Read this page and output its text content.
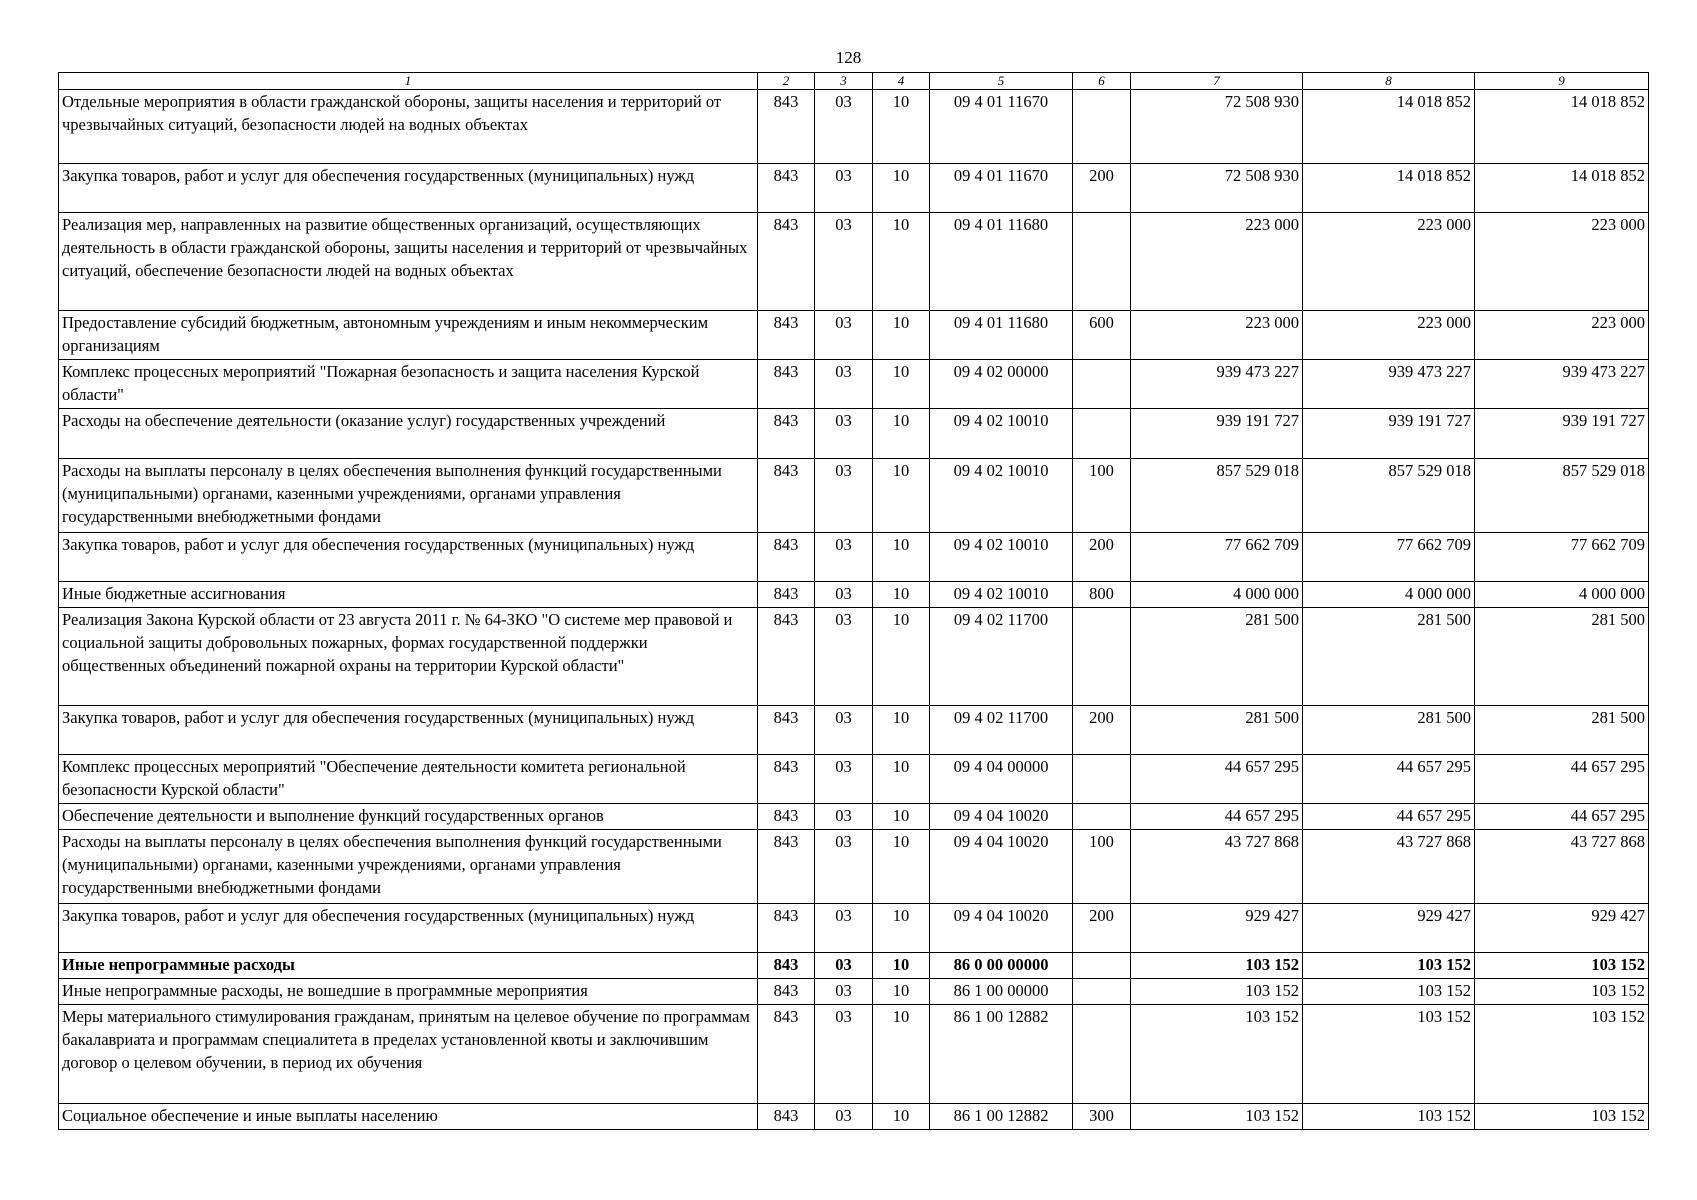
128
1	2	3	4	5	6	7	8	9
Отдельные мероприятия в области гражданской обороны, защиты населения и территорий от чрезвычайных ситуаций, безопасности людей на водных объектах	843	03	10	09 4 01 11670		72 508 930	14 018 852	14 018 852
Закупка товаров, работ и услуг для обеспечения государственных (муниципальных) нужд	843	03	10	09 4 01 11670	200	72 508 930	14 018 852	14 018 852
Реализация мер, направленных на развитие общественных организаций, осуществляющих деятельность в области гражданской обороны, защиты населения и территорий от чрезвычайных ситуаций, обеспечение безопасности людей на водных объектах	843	03	10	09 4 01 11680		223 000	223 000	223 000
Предоставление субсидий бюджетным, автономным учреждениям и иным некоммерческим организациям	843	03	10	09 4 01 11680	600	223 000	223 000	223 000
Комплекс процессных мероприятий "Пожарная безопасность и защита населения Курской области"	843	03	10	09 4 02 00000		939 473 227	939 473 227	939 473 227
Расходы на обеспечение деятельности (оказание услуг) государственных учреждений	843	03	10	09 4 02 10010		939 191 727	939 191 727	939 191 727
Расходы на выплаты персоналу в целях обеспечения выполнения функций государственными (муниципальными) органами, казенными учреждениями, органами управления государственными внебюджетными фондами	843	03	10	09 4 02 10010	100	857 529 018	857 529 018	857 529 018
Закупка товаров, работ и услуг для обеспечения государственных (муниципальных) нужд	843	03	10	09 4 02 10010	200	77 662 709	77 662 709	77 662 709
Иные бюджетные ассигнования	843	03	10	09 4 02 10010	800	4 000 000	4 000 000	4 000 000
Реализация Закона Курской области от 23 августа 2011 г. № 64-ЗКО "О системе мер правовой и социальной защиты добровольных пожарных, формах государственной поддержки общественных объединений пожарной охраны на территории Курской области"	843	03	10	09 4 02 11700		281 500	281 500	281 500
Закупка товаров, работ и услуг для обеспечения государственных (муниципальных) нужд	843	03	10	09 4 02 11700	200	281 500	281 500	281 500
Комплекс процессных мероприятий "Обеспечение деятельности комитета региональной безопасности Курской области"	843	03	10	09 4 04 00000		44 657 295	44 657 295	44 657 295
Обеспечение деятельности и выполнение функций государственных органов	843	03	10	09 4 04 10020		44 657 295	44 657 295	44 657 295
Расходы на выплаты персоналу в целях обеспечения выполнения функций государственными (муниципальными) органами, казенными учреждениями, органами управления государственными внебюджетными фондами	843	03	10	09 4 04 10020	100	43 727 868	43 727 868	43 727 868
Закупка товаров, работ и услуг для обеспечения государственных (муниципальных) нужд	843	03	10	09 4 04 10020	200	929 427	929 427	929 427
Иные непрограммные расходы	843	03	10	86 0 00 00000		103 152	103 152	103 152
Иные непрограммные расходы, не вошедшие в программные мероприятия	843	03	10	86 1 00 00000		103 152	103 152	103 152
Меры материального стимулирования гражданам, принятым на целевое обучение по программам бакалавриата и программам специалитета в пределах установленной квоты и заключившим договор о целевом обучении, в период их обучения	843	03	10	86 1 00 12882		103 152	103 152	103 152
Социальное обеспечение и иные выплаты населению	843	03	10	86 1 00 12882	300	103 152	103 152	103 152
